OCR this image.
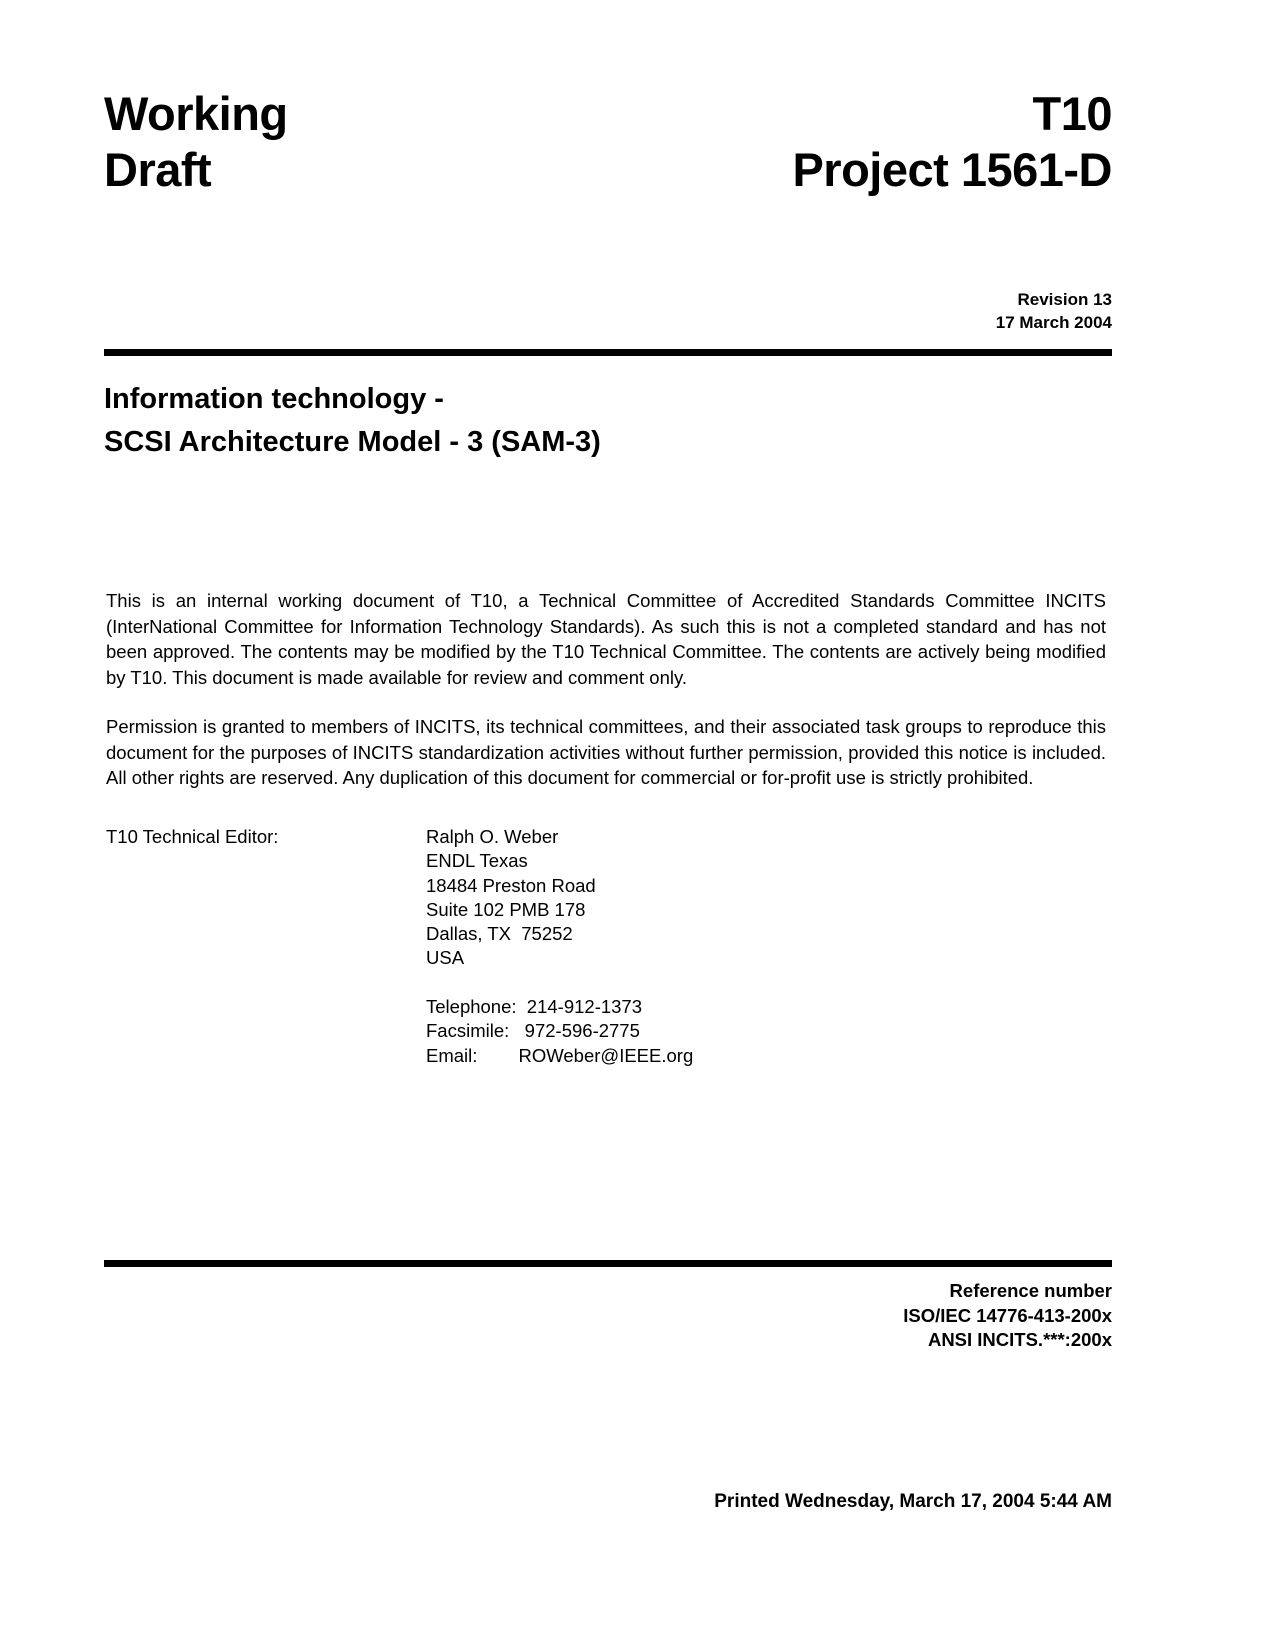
Working	T10
Draft	Project 1561-D
Revision 13
17 March 2004
Information technology -
SCSI Architecture Model - 3 (SAM-3)

This is an internal working document of T10, a Technical Committee of Accredited Standards Committee INCITS (InterNational Committee for Information Technology Standards). As such this is not a completed standard and has not been approved. The contents may be modified by the T10 Technical Committee. The contents are actively being modified by T10. This document is made available for review and comment only.

Permission is granted to members of INCITS, its technical committees, and their associated task groups to reproduce this document for the purposes of INCITS standardization activities without further permission, provided this notice is included. All other rights are reserved. Any duplication of this document for commercial or for-profit use is strictly prohibited.

T10 Technical Editor:	Ralph O. Weber
ENDL Texas
18484 Preston Road
Suite 102 PMB 178
Dallas, TX  75252
USA
Telephone:  214-912-1373
Facsimile:   972-596-2775
Email:        ROWeber@IEEE.org
Reference number
ISO/IEC 14776-413-200x
ANSI INCITS.***:200x
Printed Wednesday, March 17, 2004 5:44 AM
